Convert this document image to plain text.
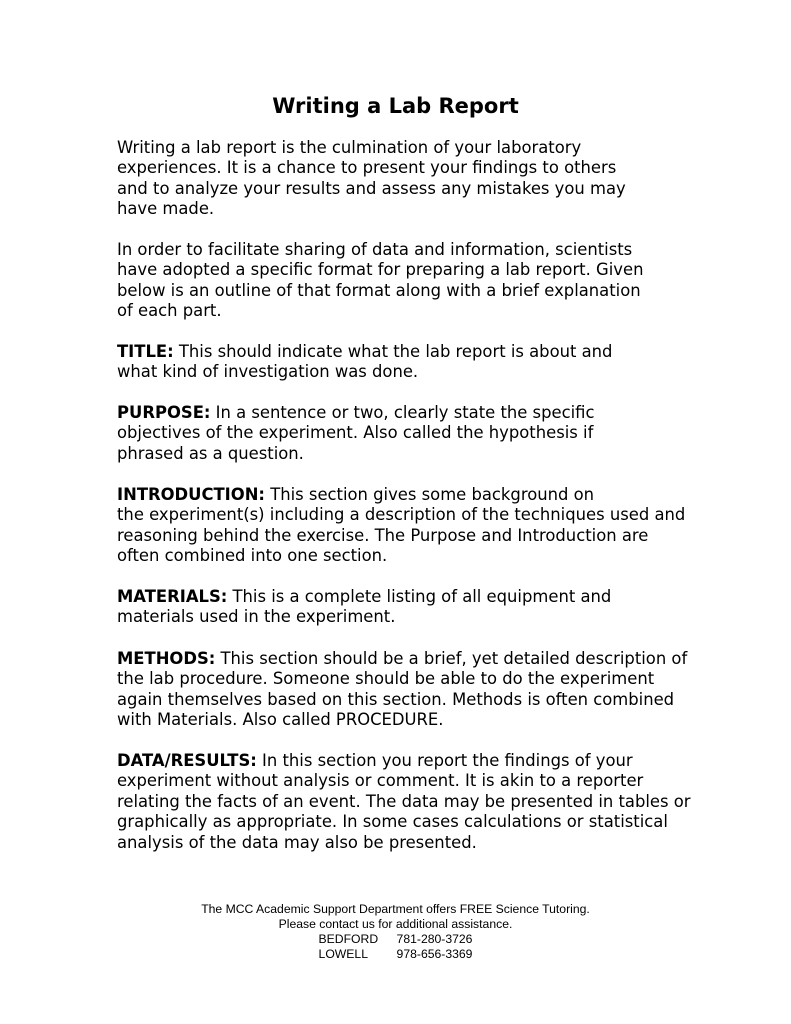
Writing a Lab Report

Writing a lab report is the culmination of your laboratory
experiences. It is a chance to present your findings to others
and to analyze your results and assess any mistakes you may
have made.

In order to facilitate sharing of data and information, scientists
have adopted a specific format for preparing a lab report. Given
below is an outline of that format along with a brief explanation
of each part.

TITLE: This should indicate what the lab report is about and
what kind of investigation was done.

PURPOSE: In a sentence or two, clearly state the specific
objectives of the experiment. Also called the hypothesis if
phrased as a question.

INTRODUCTION: This section gives some background on
the experiment(s) including a description of the techniques used and
reasoning behind the exercise. The Purpose and Introduction are
often combined into one section.

MATERIALS: This is a complete listing of all equipment and
materials used in the experiment.

METHODS: This section should be a brief, yet detailed description of
the lab procedure. Someone should be able to do the experiment
again themselves based on this section. Methods is often combined
with Materials. Also called PROCEDURE.

DATA/RESULTS: In this section you report the findings of your
experiment without analysis or comment. It is akin to a reporter
relating the facts of an event. The data may be presented in tables or
graphically as appropriate. In some cases calculations or statistical
analysis of the data may also be presented.

The MCC Academic Support Department offers FREE Science Tutoring.
Please contact us for additional assistance.
BEDFORD 781-280-3726
LOWELL 978-656-3369
